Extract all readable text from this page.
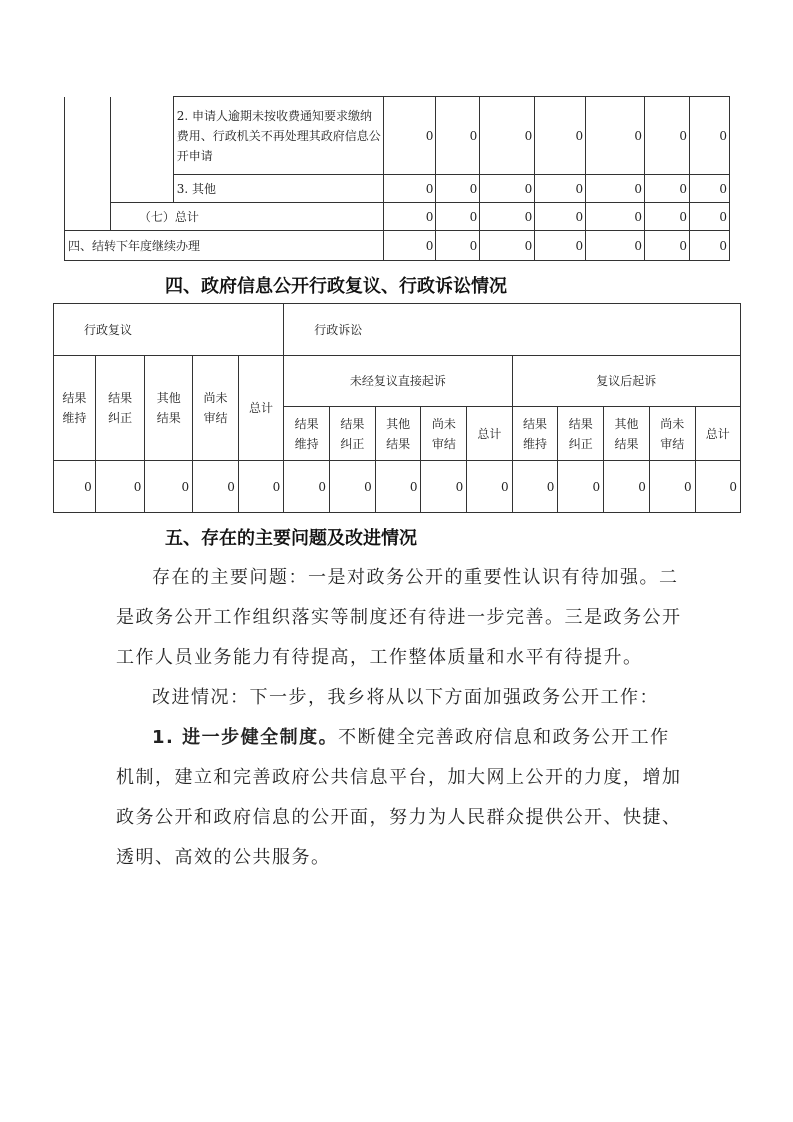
		2. 申请人逾期未按收费通知要求缴纳费用、行政机关不再处理其政府信息公开申请	0	0	0	0	0	0	0
		3. 其他	0	0	0	0	0	0	0
	（七）总计		0	0	0	0	0	0	0
四、结转下年度继续办理			0	0	0	0	0	0	0
四、政府信息公开行政复议、行政诉讼情况
行政复议					行政诉讼									
结果维持	结果纠正	其他结果	尚未审结	总计	未经复议直接起诉					复议后起诉				
					结果维持	结果纠正	其他结果	尚未审结	总计	结果维持	结果纠正	其他结果	尚未审结	总计
0	0	0	0	0	0	0	0	0	0	0	0	0	0	0
五、存在的主要问题及改进情况

存在的主要问题：一是对政务公开的重要性认识有待加强。二是政务公开工作组织落实等制度还有待进一步完善。三是政务公开工作人员业务能力有待提高，工作整体质量和水平有待提升。

改进情况：下一步，我乡将从以下方面加强政务公开工作：

1. 进一步健全制度。不断健全完善政府信息和政务公开工作机制，建立和完善政府公共信息平台，加大网上公开的力度，增加政务公开和政府信息的公开面，努力为人民群众提供公开、快捷、透明、高效的公共服务。
